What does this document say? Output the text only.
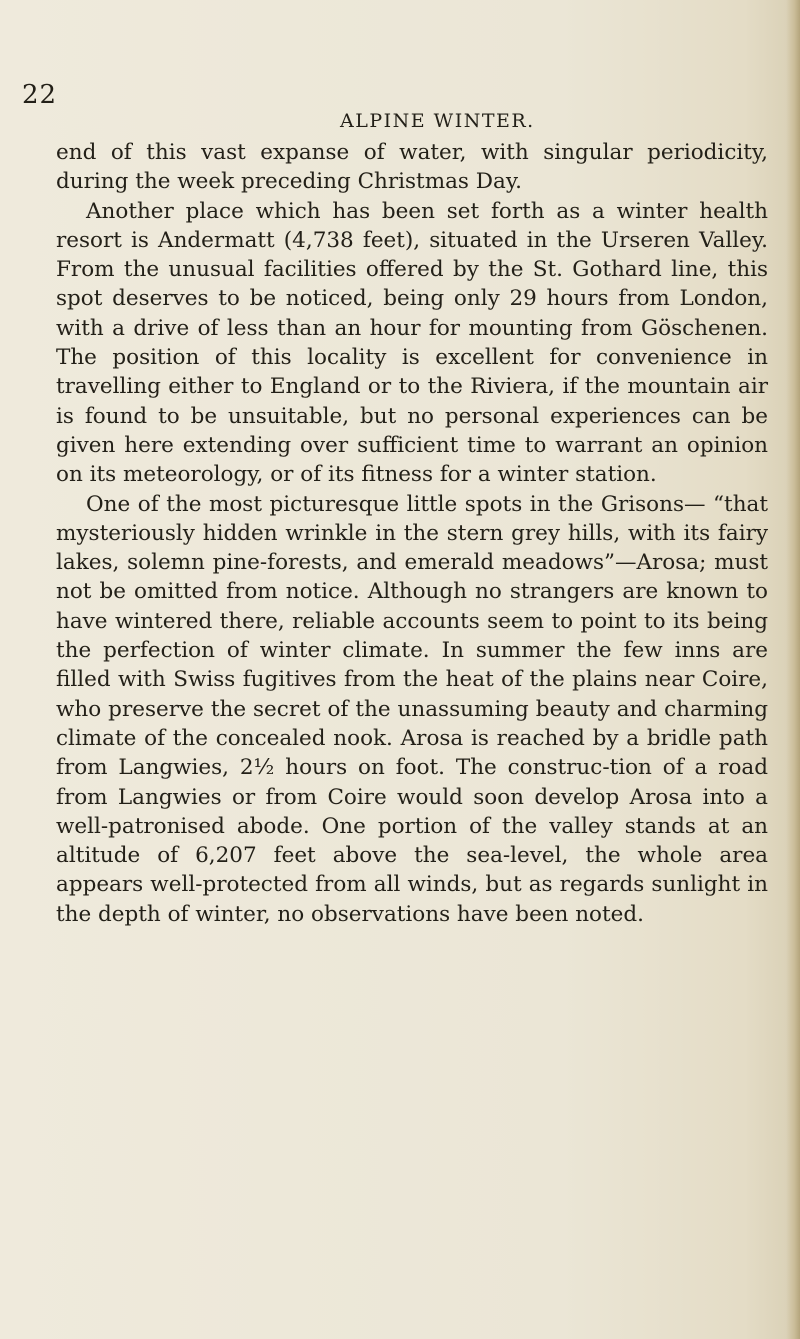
22
ALPINE WINTER.

end of this vast expanse of water, with singular periodicity, during the week preceding Christmas Day.

Another place which has been set forth as a winter health resort is Andermatt (4,738 feet), situated in the Urseren Valley. From the unusual facilities offered by the St. Gothard line, this spot deserves to be noticed, being only 29 hours from London, with a drive of less than an hour for mounting from Göschenen. The position of this locality is excellent for convenience in travelling either to England or to the Riviera, if the mountain air is found to be unsuitable, but no personal experiences can be given here extending over sufficient time to warrant an opinion on its meteorology, or of its fitness for a winter station.

One of the most picturesque little spots in the Grisons— “that mysteriously hidden wrinkle in the stern grey hills, with its fairy lakes, solemn pine-forests, and emerald meadows”—Arosa; must not be omitted from notice. Although no strangers are known to have wintered there, reliable accounts seem to point to its being the perfection of winter climate. In summer the few inns are filled with Swiss fugitives from the heat of the plains near Coire, who preserve the secret of the unassuming beauty and charming climate of the concealed nook. Arosa is reached by a bridle path from Langwies, 2½ hours on foot. The construc-tion of a road from Langwies or from Coire would soon develop Arosa into a well-patronised abode. One portion of the valley stands at an altitude of 6,207 feet above the sea-level, the whole area appears well-protected from all winds, but as regards sunlight in the depth of winter, no observations have been noted.
